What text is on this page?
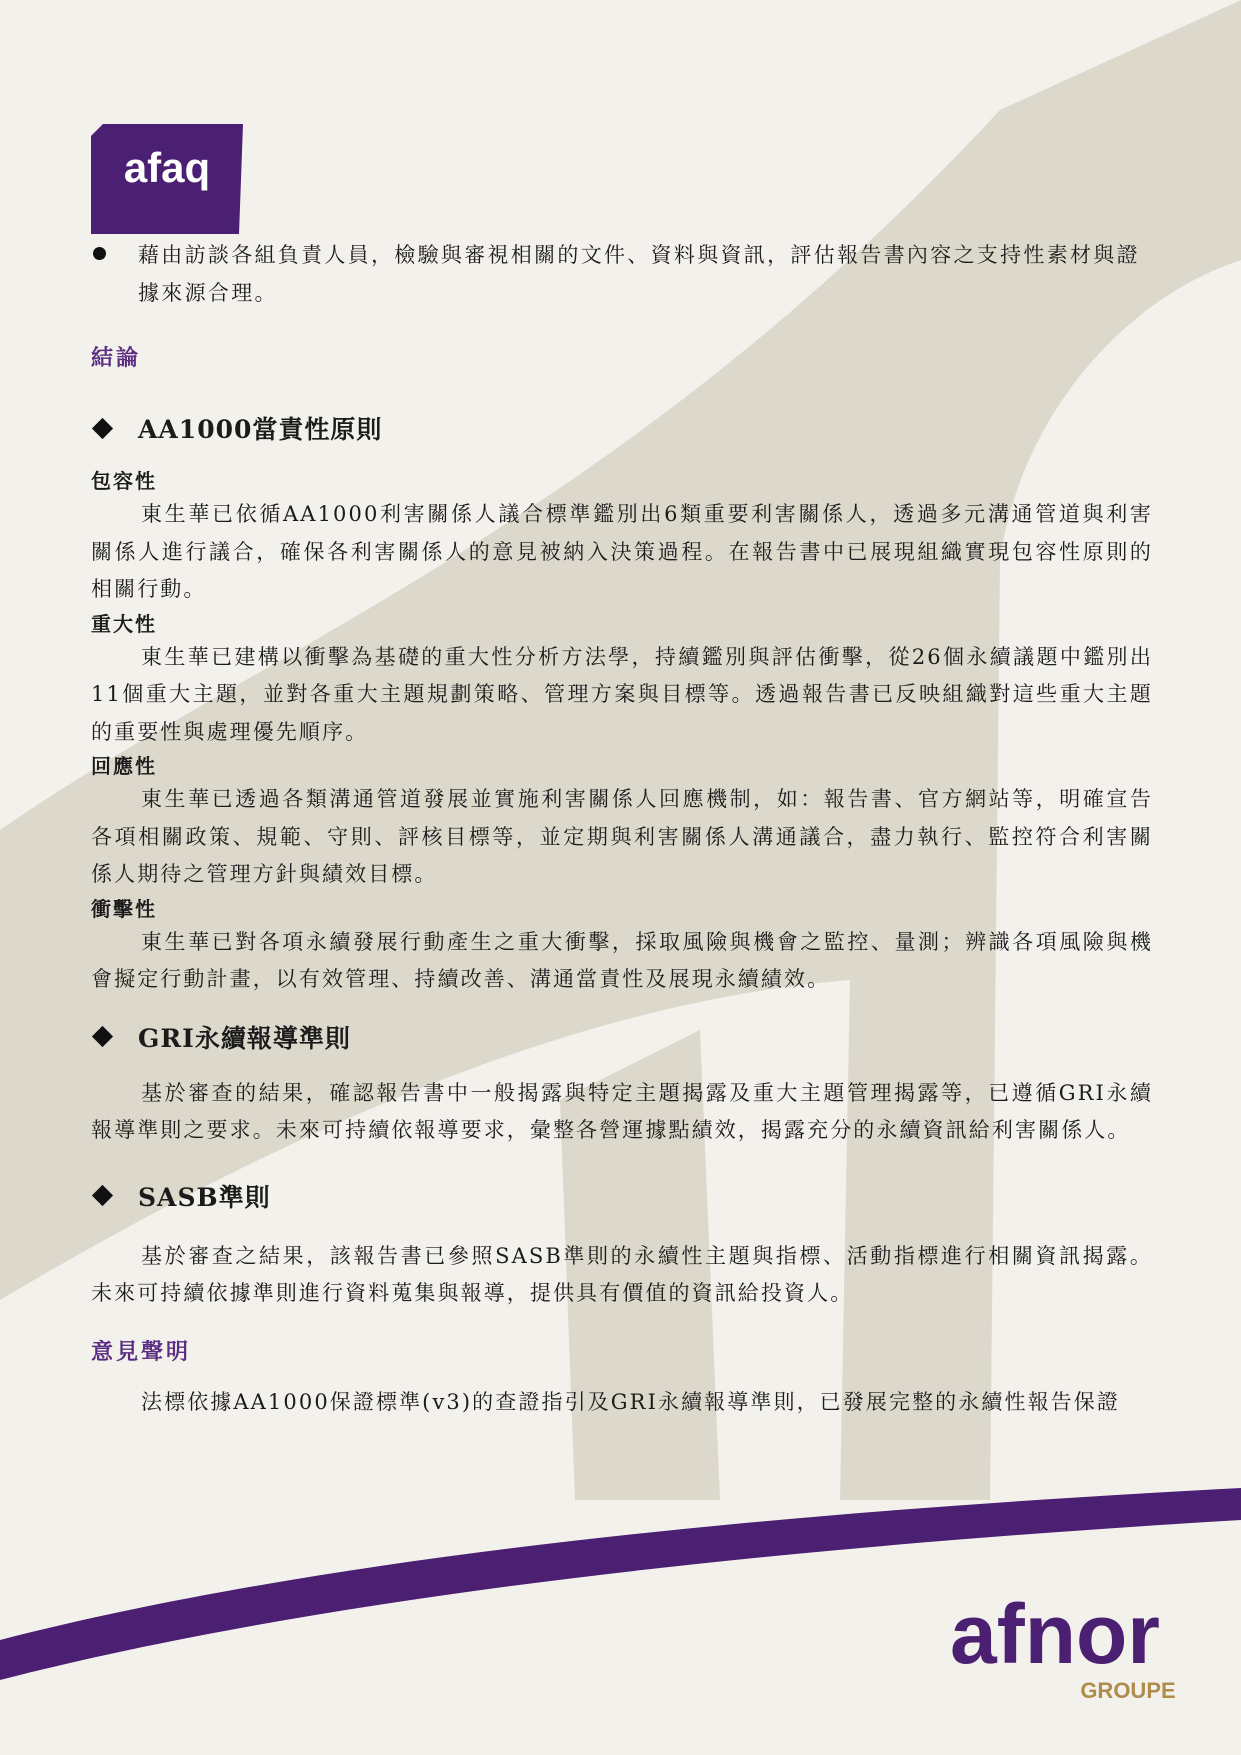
afaq
afnor
GROUPE
藉由訪談各組負責人員，檢驗與審視相關的文件、資料與資訊，評估報告書內容之支持性素材與證據來源合理。
結論
AA1000當責性原則
包容性

東生華已依循AA1000利害關係人議合標準鑑別出6類重要利害關係人，透過多元溝通管道與利害關係人進行議合，確保各利害關係人的意見被納入決策過程。在報告書中已展現組織實現包容性原則的相關行動。

重大性

東生華已建構以衝擊為基礎的重大性分析方法學，持續鑑別與評估衝擊，從26個永續議題中鑑別出11個重大主題，並對各重大主題規劃策略、管理方案與目標等。透過報告書已反映組織對這些重大主題的重要性與處理優先順序。

回應性

東生華已透過各類溝通管道發展並實施利害關係人回應機制，如：報告書、官方網站等，明確宣告各項相關政策、規範、守則、評核目標等，並定期與利害關係人溝通議合，盡力執行、監控符合利害關係人期待之管理方針與績效目標。

衝擊性

東生華已對各項永續發展行動產生之重大衝擊，採取風險與機會之監控、量測；辨識各項風險與機會擬定行動計畫，以有效管理、持續改善、溝通當責性及展現永續績效。

GRI永續報導準則

基於審查的結果，確認報告書中一般揭露與特定主題揭露及重大主題管理揭露等，已遵循GRI永續報導準則之要求。未來可持續依報導要求，彙整各營運據點績效，揭露充分的永續資訊給利害關係人。

SASB準則

基於審查之結果，該報告書已參照SASB準則的永續性主題與指標、活動指標進行相關資訊揭露。未來可持續依據準則進行資料蒐集與報導，提供具有價值的資訊給投資人。

意見聲明

法標依據AA1000保證標準(v3)的查證指引及GRI永續報導準則，已發展完整的永續性報告保證
